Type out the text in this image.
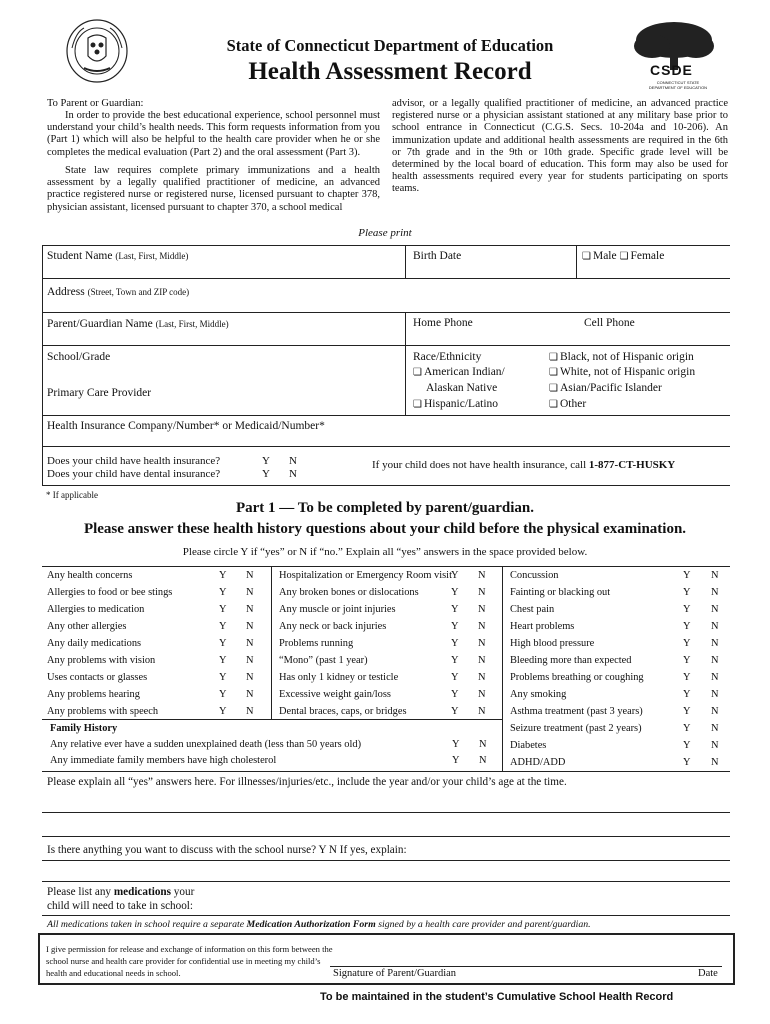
State of Connecticut Department of Education
Health Assessment Record	CSDE
CONNECTICUT STATE DEPARTMENT OF EDUCATION
To Parent or Guardian:
In order to provide the best educational experience, school personnel must understand your child’s health needs. This form requests information from you (Part 1) which will also be helpful to the health care provider when he or she completes the medical evaluation (Part 2) and the oral assessment (Part 3).
State law requires complete primary immunizations and a health assessment by a legally qualified practitioner of medicine, an advanced practice registered nurse or registered nurse, licensed pursuant to chapter 378, physician assistant, licensed pursuant to chapter 370, a school medical
advisor, or a legally qualified practitioner of medicine, an advanced practice registered nurse or a physician assistant stationed at any military base prior to school entrance in Connecticut (C.G.S. Secs. 10-204a and 10-206). An immunization update and additional health assessments are required in the 6th or 7th grade and in the 9th or 10th grade. Specific grade level will be determined by the local board of education. This form may also be used for health assessments required every year for students participating on sports teams.
Please print
Student Name (Last, First, Middle)	Birth Date	❏ Male ❏ Female
Address (Street, Town and ZIP code)
Parent/Guardian Name (Last, First, Middle)	Home Phone	Cell Phone
School/Grade
Primary Care Provider
Race/Ethnicity
❏ American Indian/
Alaskan Native
❏ Hispanic/Latino
❏ Black, not of Hispanic origin
❏ White, not of Hispanic origin
❏ Asian/Pacific Islander
❏ Other
Health Insurance Company/Number* or Medicaid/Number*
Does your child have health insurance?	Y N
Does your child have dental insurance?	Y N
If your child does not have health insurance, call 1-877-CT-HUSKY
* If applicable
Part 1 — To be completed by parent/guardian.
Please answer these health history questions about your child before the physical examination.
Please circle Y if “yes” or N if “no.” Explain all “yes” answers in the space provided below.
Any health concerns	Y N
Allergies to food or bee stings	Y N
Allergies to medication	Y N
Any other allergies	Y N
Any daily medications	Y N
Any problems with vision	Y N
Uses contacts or glasses	Y N
Any problems hearing	Y N
Any problems with speech	Y N
Hospitalization or Emergency Room visit Y N
Any broken bones or dislocations	Y N
Any muscle or joint injuries	Y N
Any neck or back injuries	Y N
Problems running	Y N
“Mono” (past 1 year)	Y N
Has only 1 kidney or testicle	Y N
Excessive weight gain/loss	Y N
Dental braces, caps, or bridges	Y N
Concussion	Y N
Fainting or blacking out	Y N
Chest pain	Y N
Heart problems	Y N
High blood pressure	Y N
Bleeding more than expected	Y N
Problems breathing or coughing	Y N
Any smoking	Y N
Asthma treatment (past 3 years)	Y N
Seizure treatment (past 2 years)	Y N
Diabetes	Y N
ADHD/ADD	Y N
Family History
Any relative ever have a sudden unexplained death (less than 50 years old)	Y N
Any immediate family members have high cholesterol	Y N
Please explain all “yes” answers here. For illnesses/injuries/etc., include the year and/or your child’s age at the time.
Is there anything you want to discuss with the school nurse? Y N If yes, explain:
Please list any medications your
child will need to take in school:
All medications taken in school require a separate Medication Authorization Form signed by a health care provider and parent/guardian.
I give permission for release and exchange of information on this form between the school nurse and health care provider for confidential use in meeting my child’s health and educational needs in school.	Signature of Parent/Guardian	Date
To be maintained in the student’s Cumulative School Health Record
